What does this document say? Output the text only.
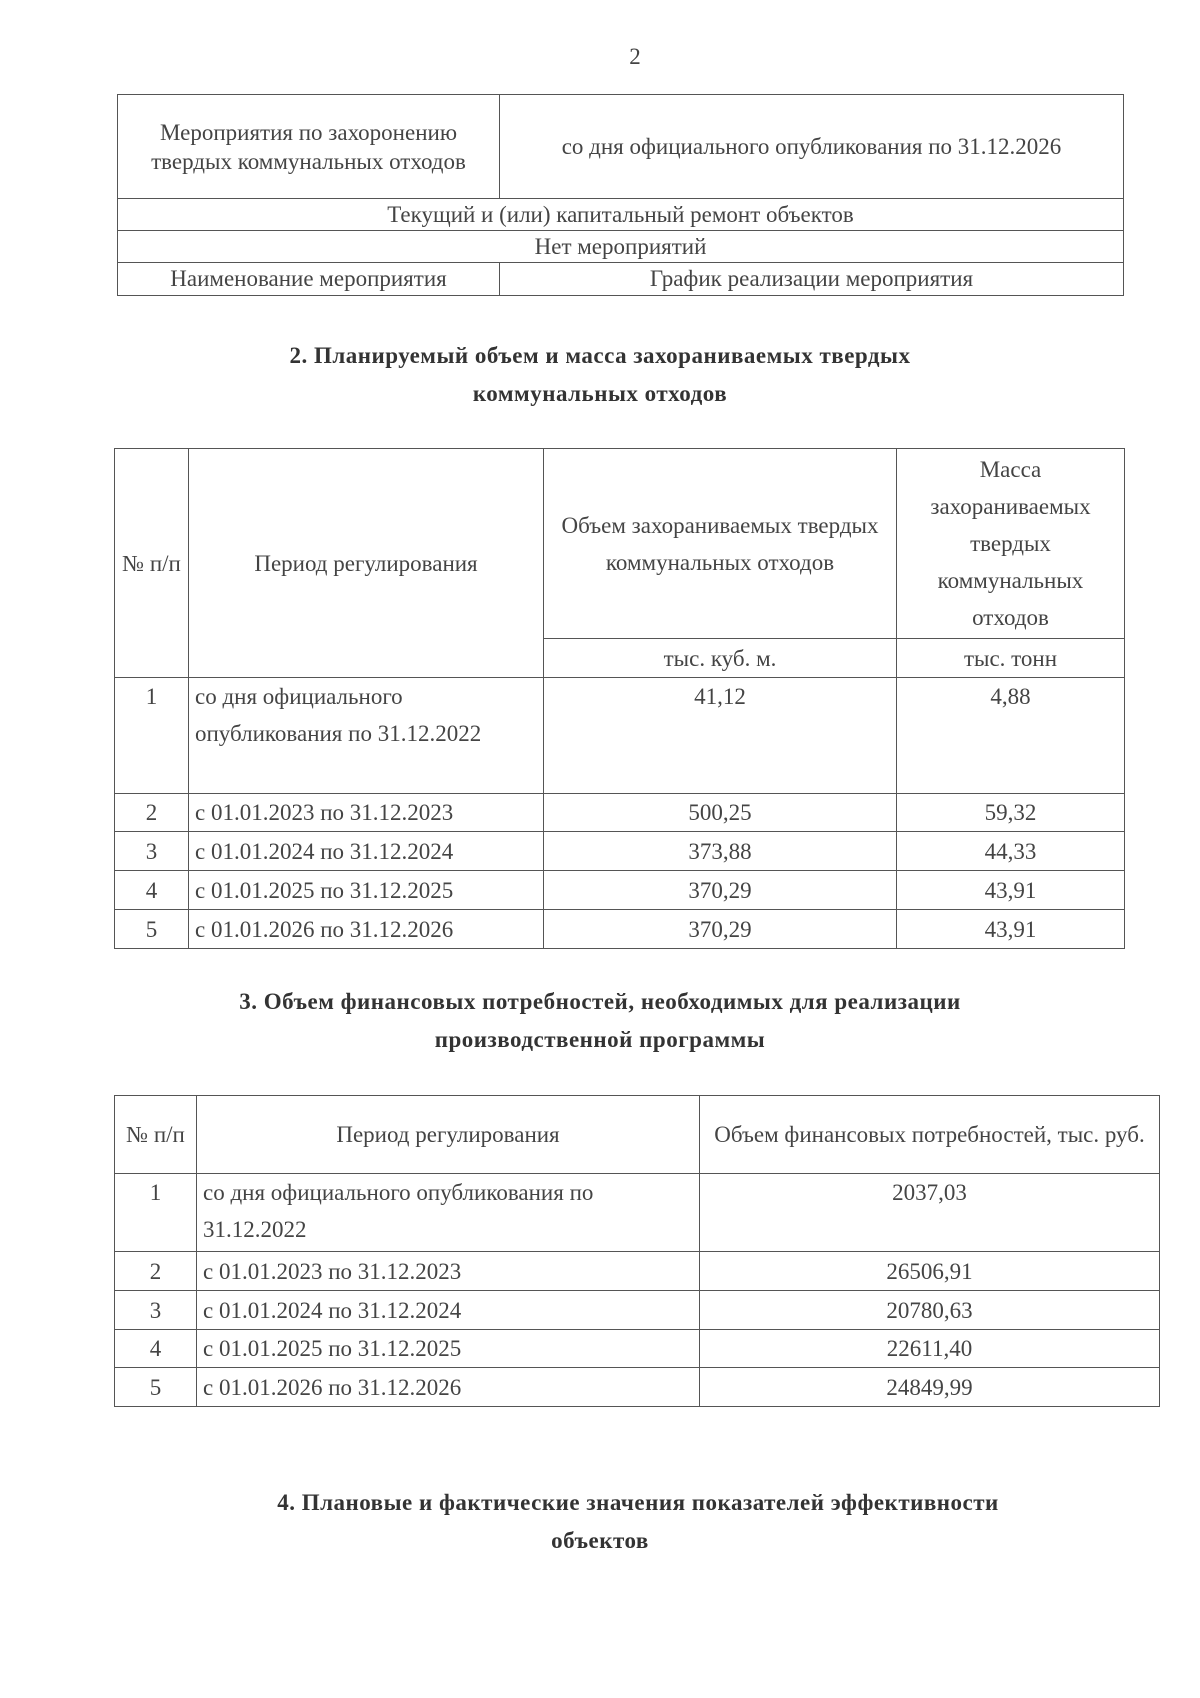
2
Мероприятия по захоронению твердых коммунальных отходов	со дня официального опубликования по 31.12.2026
Текущий и (или) капитальный ремонт объектов	
Нет мероприятий	
Наименование мероприятия	График реализации мероприятия
2. Планируемый объем и масса захораниваемых твердых
коммунальных отходов
№ п/п	Период регулирования	Объем захораниваемых твердых коммунальных отходов	Масса захораниваемых твердых коммунальных отходов
		тыс. куб. м.	тыс. тонн
1	со дня официального опубликования по 31.12.2022	41,12	4,88
2	с 01.01.2023 по 31.12.2023	500,25	59,32
3	с 01.01.2024 по 31.12.2024	373,88	44,33
4	с 01.01.2025 по 31.12.2025	370,29	43,91
5	с 01.01.2026 по 31.12.2026	370,29	43,91
3. Объем финансовых потребностей, необходимых для реализации
производственной программы
№ п/п	Период регулирования	Объем финансовых потребностей, тыс. руб.
1	со дня официального опубликования по 31.12.2022	2037,03
2	с 01.01.2023 по 31.12.2023	26506,91
3	с 01.01.2024 по 31.12.2024	20780,63
4	с 01.01.2025 по 31.12.2025	22611,40
5	с 01.01.2026 по 31.12.2026	24849,99
4. Плановые и фактические значения показателей эффективности
объектов
